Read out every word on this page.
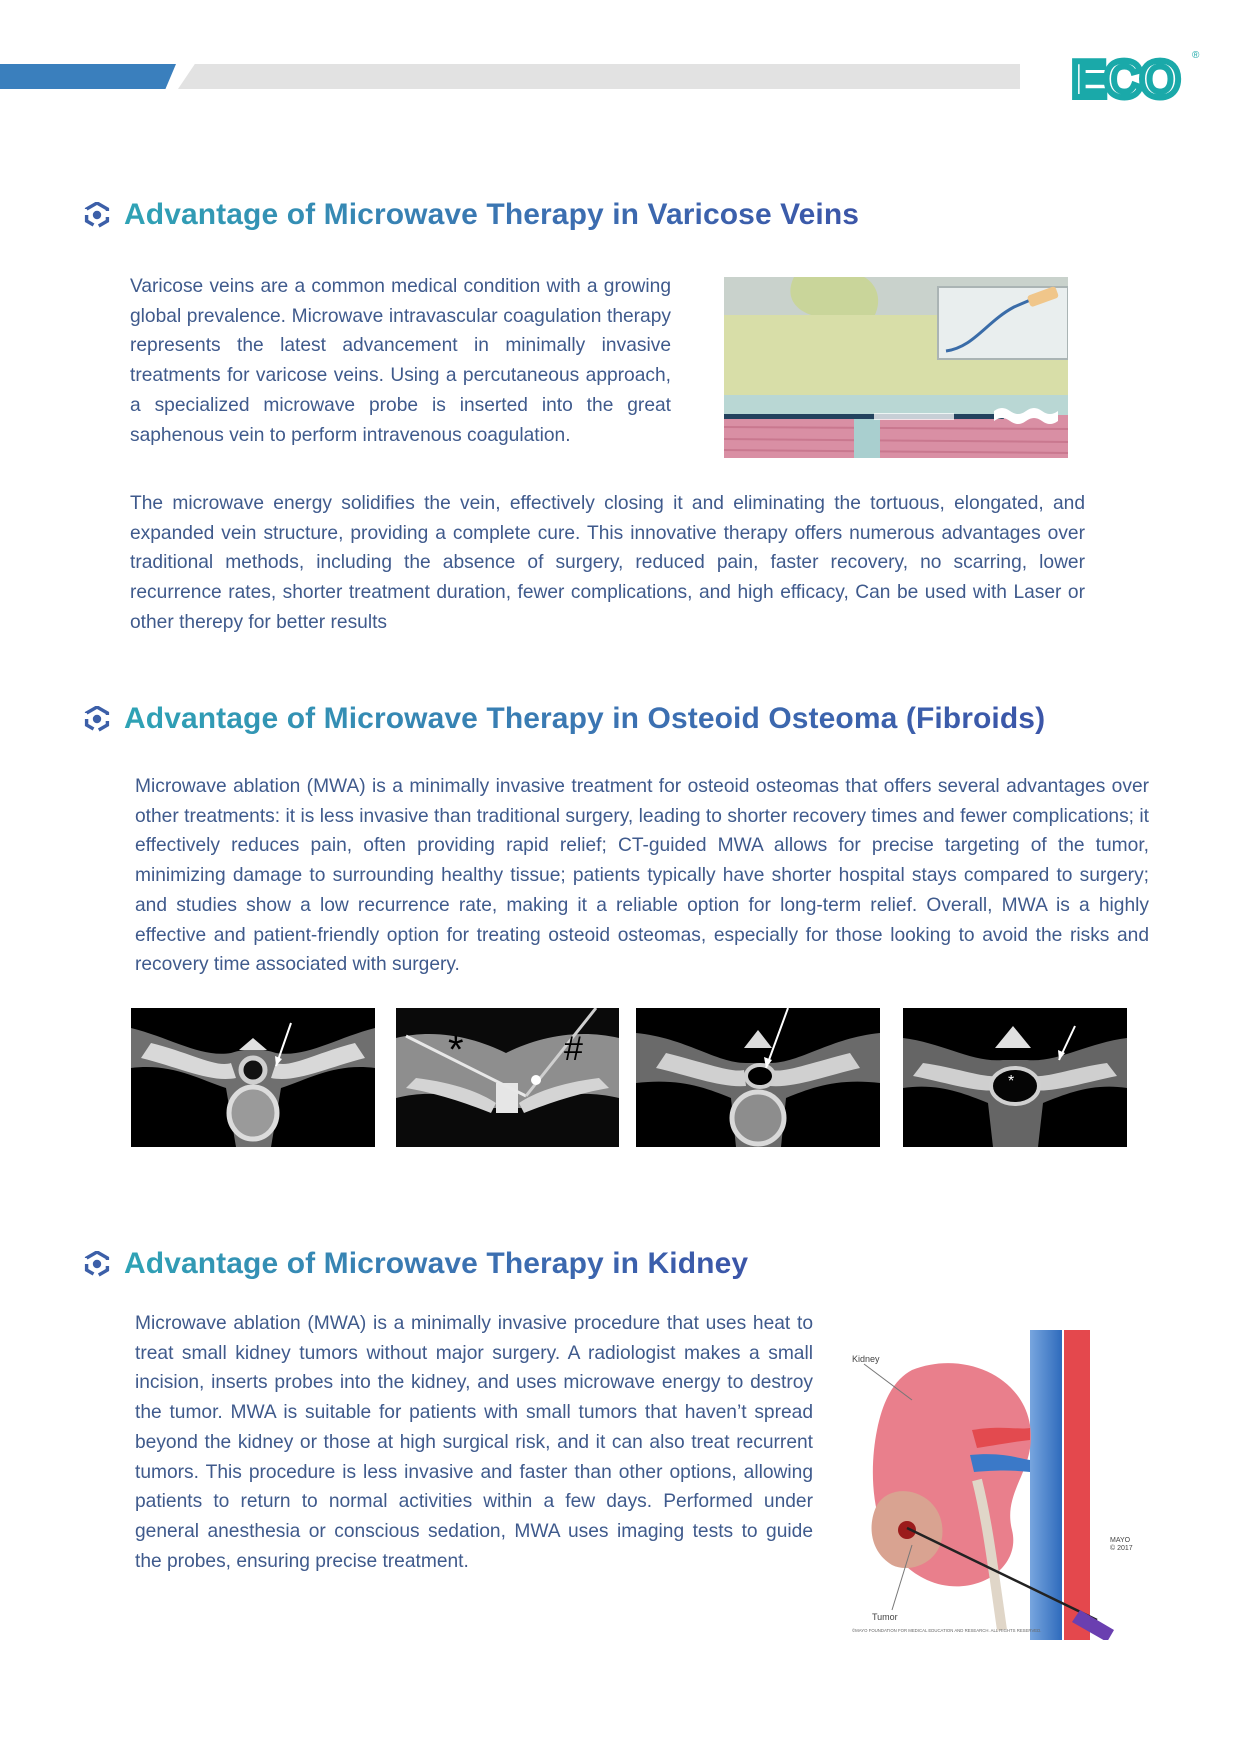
ECO ®
Advantage of Microwave Therapy in Varicose Veins

Varicose veins are a common medical condition with a growing global prevalence. Microwave intravascular coagulation therapy represents the latest advancement in minimally invasive treatments for varicose veins. Using a percutaneous approach, a specialized microwave probe is inserted into the great saphenous vein to perform intravenous coagulation.

The microwave energy solidifies the vein, effectively closing it and eliminating the tortuous, elongated, and expanded vein structure, providing a complete cure. This innovative therapy offers numerous advantages over traditional methods, including the absence of surgery, reduced pain, faster recovery, no scarring, lower recurrence rates, shorter treatment duration, fewer complications, and high efficacy, Can be used with Laser or other therepy for better results

Advantage of Microwave Therapy in Osteoid Osteoma (Fibroids)

Microwave ablation (MWA) is a minimally invasive treatment for osteoid osteomas that offers several advantages over other treatments: it is less invasive than traditional surgery, leading to shorter recovery times and fewer complications; it effectively reduces pain, often providing rapid relief; CT-guided MWA allows for precise targeting of the tumor, minimizing damage to surrounding healthy tissue; patients typically have shorter hospital stays compared to surgery; and studies show a low recurrence rate, making it a reliable option for long-term relief. Overall, MWA is a highly effective and patient-friendly option for treating osteoid osteomas, especially for those looking to avoid the risks and recovery time associated with surgery.

*	#
*
Advantage of Microwave Therapy in Kidney

Microwave ablation (MWA) is a minimally invasive procedure that uses heat to treat small kidney tumors without major surgery. A radiologist makes a small incision, inserts probes into the kidney, and uses microwave energy to destroy the tumor. MWA is suitable for patients with small tumors that haven’t spread beyond the kidney or those at high surgical risk, and it can also treat recurrent tumors. This procedure is less invasive and faster than other options, allowing patients to return to normal activities within a few days. Performed under general anesthesia or conscious sedation, MWA uses imaging tests to guide the probes, ensuring precise treatment.

Kidney
Tumor
MAYO
© 2017
©MAYO FOUNDATION FOR MEDICAL EDUCATION AND RESEARCH. ALL RIGHTS RESERVED.
